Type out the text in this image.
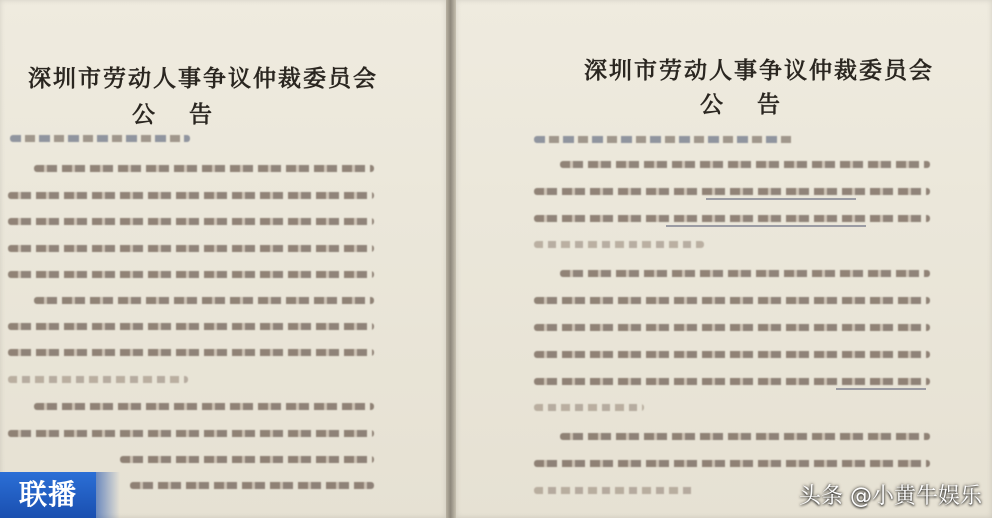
深圳市劳动人事争议仲裁委员会
公告
深圳市劳动人事争议仲裁委员会
公告
联播	头条 @小黄牛娱乐
